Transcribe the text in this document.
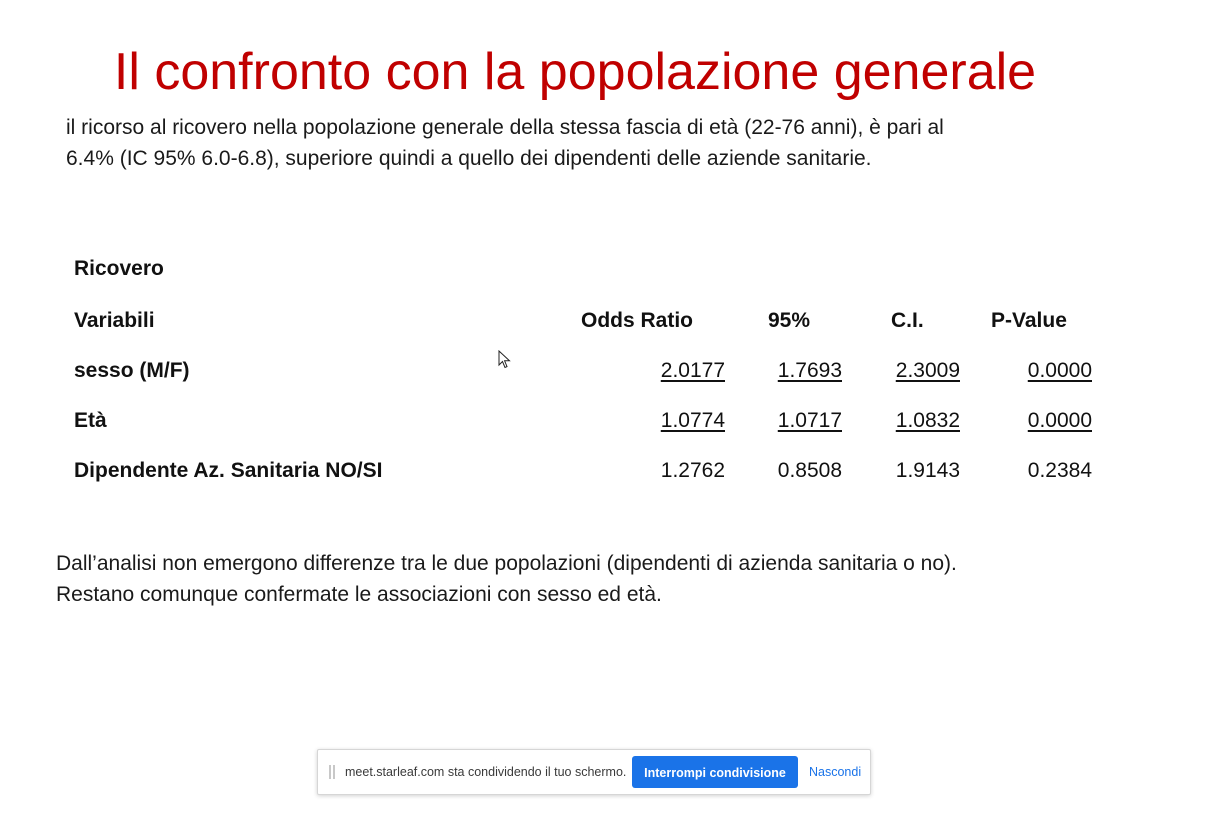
Il confronto con la popolazione generale

il ricorso al ricovero nella popolazione generale della stessa fascia di età (22-76 anni), è pari al

6.4% (IC 95% 6.0-6.8), superiore quindi a quello dei dipendenti delle aziende sanitarie.

Ricovero
Variabili	Odds Ratio	95%	C.I.	P-Value
sesso (M/F)	2.0177	1.7693	2.3009	0.0000
Età	1.0774	1.0717	1.0832	0.0000
Dipendente Az. Sanitaria NO/SI	1.2762	0.8508	1.9143	0.2384

Dall’analisi non emergono differenze tra le due popolazioni (dipendenti di azienda sanitaria o no).

Restano comunque confermate le associazioni con sesso ed età.

meet.starleaf.com sta condividendo il tuo schermo.	Interrompi condivisione	Nascondi
